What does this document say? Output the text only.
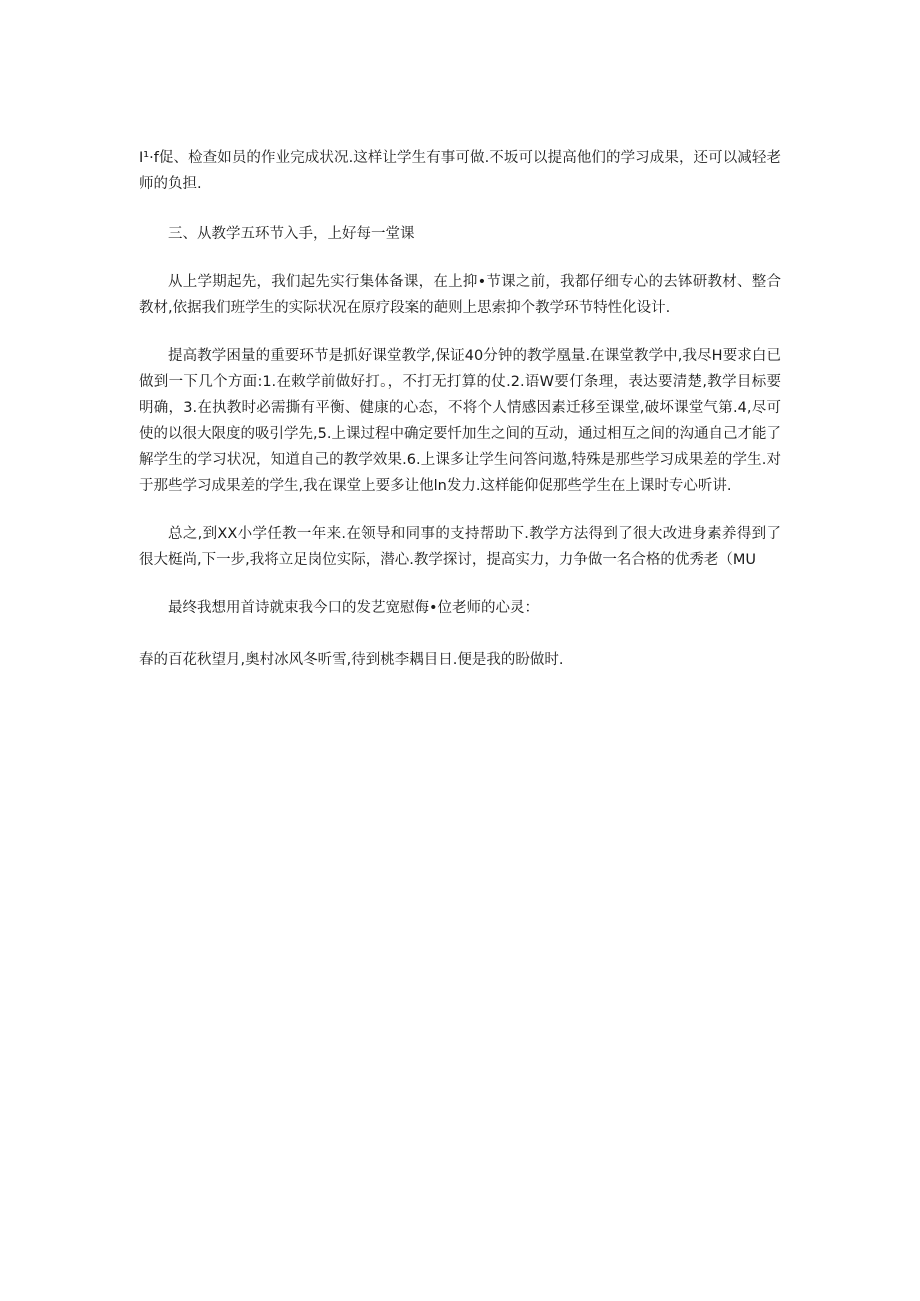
I¹·f促、检查如员的作业完成状况.这样让学生有事可做.不坂可以提高他们的学习成果，还可以减轻老师的负担.

三、从教学五环节入手，上好每一堂课

从上学期起先，我们起先实行集体备课，在上抑•节课之前，我都仔细专心的去钵研教材、整合教材,依据我们班学生的实际状况在原疗段案的葩则上思索抑个教学环节特性化设计.

提高教学困量的重要环节是抓好课堂教学,保证40分钟的教学凰量.在课堂教学中,我尽H要求白已做到一下几个方面:1.在敕学前做好打。，不打无打算的仗.2.语W要仃条理，表达要清楚,教学目标要明确，3.在执教时必需撕有平衡、健康的心态，不将个人情感因素迁移至课堂,破坏课堂气第.4,尽可使的以很大限度的吸引学先,5.上课过程中确定要忏加生之间的互动，通过相互之间的沟通自己才能了解学生的学习状况，知道自己的教学效果.6.上课多让学生问答问遨,特殊是那些学习成果差的学生.对于那些学习成果差的学生,我在课堂上要多让他ln发力.这样能仰促那些学生在上课时专心听讲.

总之,到XX小学任教一年来.在领导和同事的支持帮助下.教学方法得到了很大改进身素养得到了很大梃尚,下一步,我将立足岗位实际，潜心.教学探讨，提高实力，力争做一名合格的优秀老（MU

最终我想用首诗就束我今口的发艺宽慰侮•位老师的心灵：

春的百花秋望月,奥村冰风冬听雪,待到桃李耦目日.便是我的盼做时.
